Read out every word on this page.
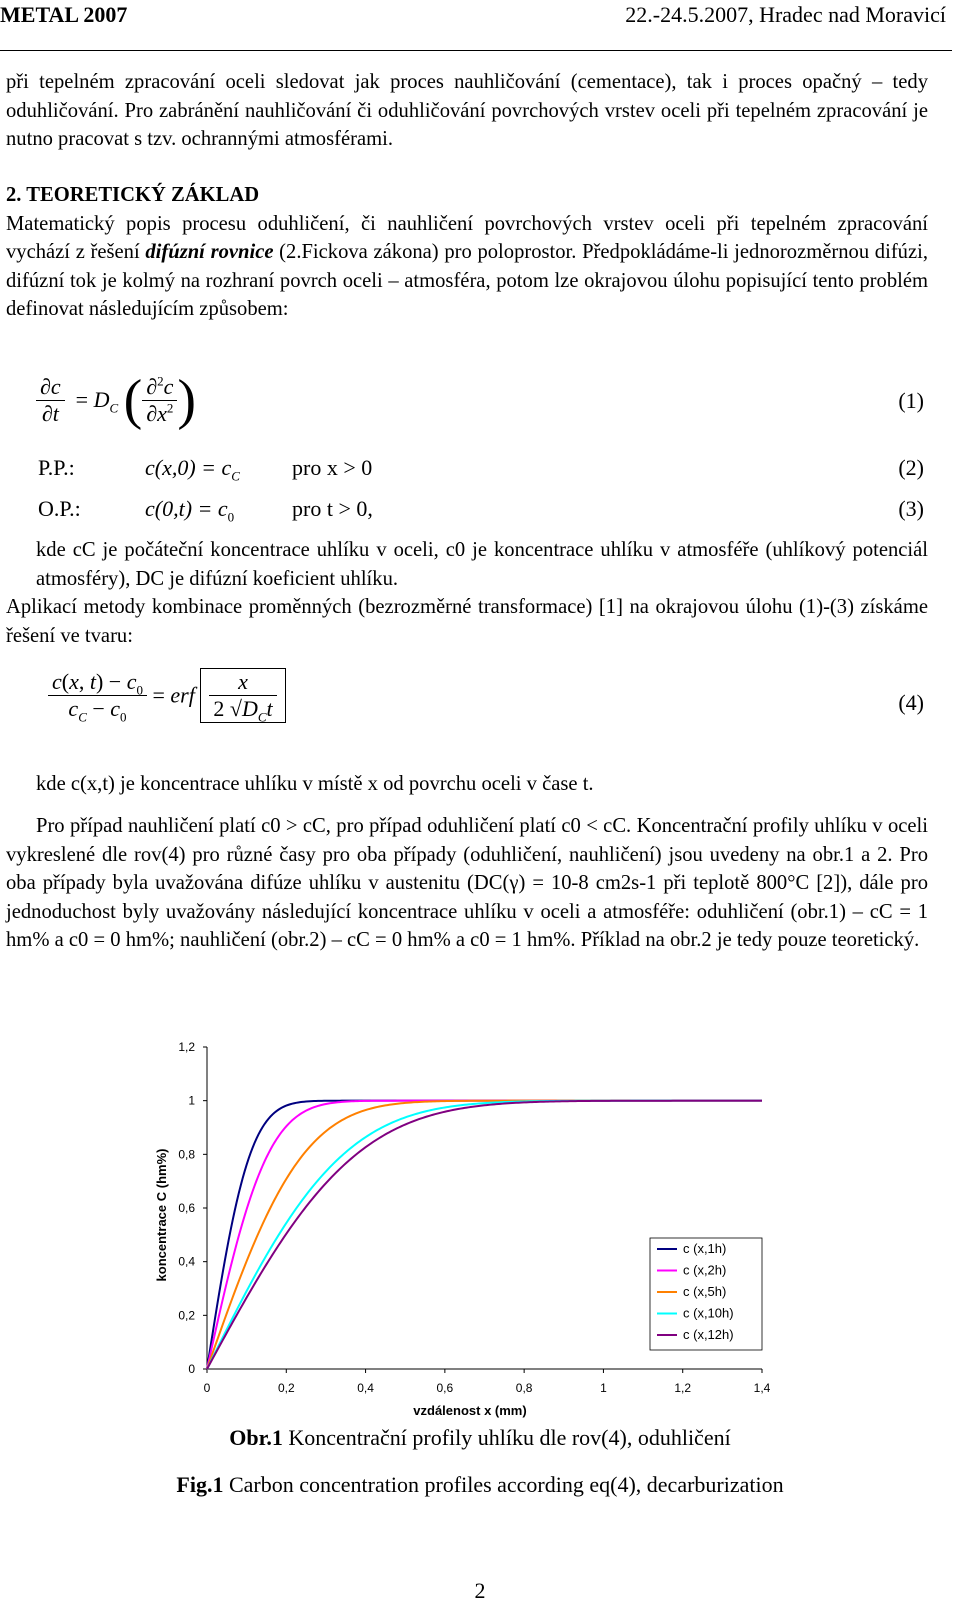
METAL 2007	22.-24.5.2007, Hradec nad Moravicí

při tepelném zpracování oceli sledovat jak proces nauhličování (cementace), tak i proces opačný – tedy oduhličování. Pro zabránění nauhličování či oduhličování povrchových vrstev oceli při tepelném zpracování je nutno pracovat s tzv. ochrannými atmosférami.

2. TEORETICKÝ ZÁKLAD

Matematický popis procesu oduhličení, či nauhličení povrchových vrstev oceli při tepelném zpracování vychází z řešení difúzní rovnice (2.Fickova zákona) pro poloprostor. Předpokládáme-li jednorozměrnou difúzi, difúzní tok je kolmý na rozhraní povrch oceli – atmosféra, potom lze okrajovou úlohu popisující tento problém definovat následujícím způsobem:

$\frac{\partial c}{\partial t} = D_C$ ( $\frac{\partial^2c}{\partial x^2}$ )	(1)
P.P.:	$c(x,0) = c_C$ pro x > 0	(2)
O.P.:	$c(0,t) = c_0$	pro t > 0,	(3)

kde cC je počáteční koncentrace uhlíku v oceli, c0 je koncentrace uhlíku v atmosféře (uhlíkový potenciál atmosféry), DC je difúzní koeficient uhlíku.

Aplikací metody kombinace proměnných (bezrozměrné transformace) [1] na okrajovou úlohu (1)-(3) získáme řešení ve tvaru:

$\frac{c(x, t) - c_0}{c_C - c_0}$ = erf $\frac{x}{2 √D_Ct}$	(4)

kde c(x,t) je koncentrace uhlíku v místě x od povrchu oceli v čase t.

Pro případ nauhličení platí c0 > cC, pro případ oduhličení platí c0 < cC. Koncentrační profily uhlíku v oceli vykreslené dle rov(4) pro různé časy pro oba případy (oduhličení, nauhličení) jsou uvedeny na obr.1 a 2. Pro oba případy byla uvažována difúze uhlíku v austenitu (DC(γ) = 10-8 cm2s-1 při teplotě 800°C [2]), dále pro jednoduchost byly uvažovány následující koncentrace uhlíku v oceli a atmosféře: oduhličení (obr.1) – cC = 1 hm% a c0 = 0 hm%; nauhličení (obr.2) – cC = 0 hm% a c0 = 1 hm%. Příklad na obr.2 je tedy pouze teoretický.

0
0,2
0,4
0,6
0,8
1
1,2
0	0,2	0,4	0,6	0,8	1	1,2	1,4
c (x,1h)
c (x,2h)
c (x,5h)
c (x,10h)
c (x,12h)
vzdálenost x (mm)
koncentrace C (hm%)
Obr.1 Koncentrační profily uhlíku dle rov(4), oduhličení
Fig.1 Carbon concentration profiles according eq(4), decarburization
2
